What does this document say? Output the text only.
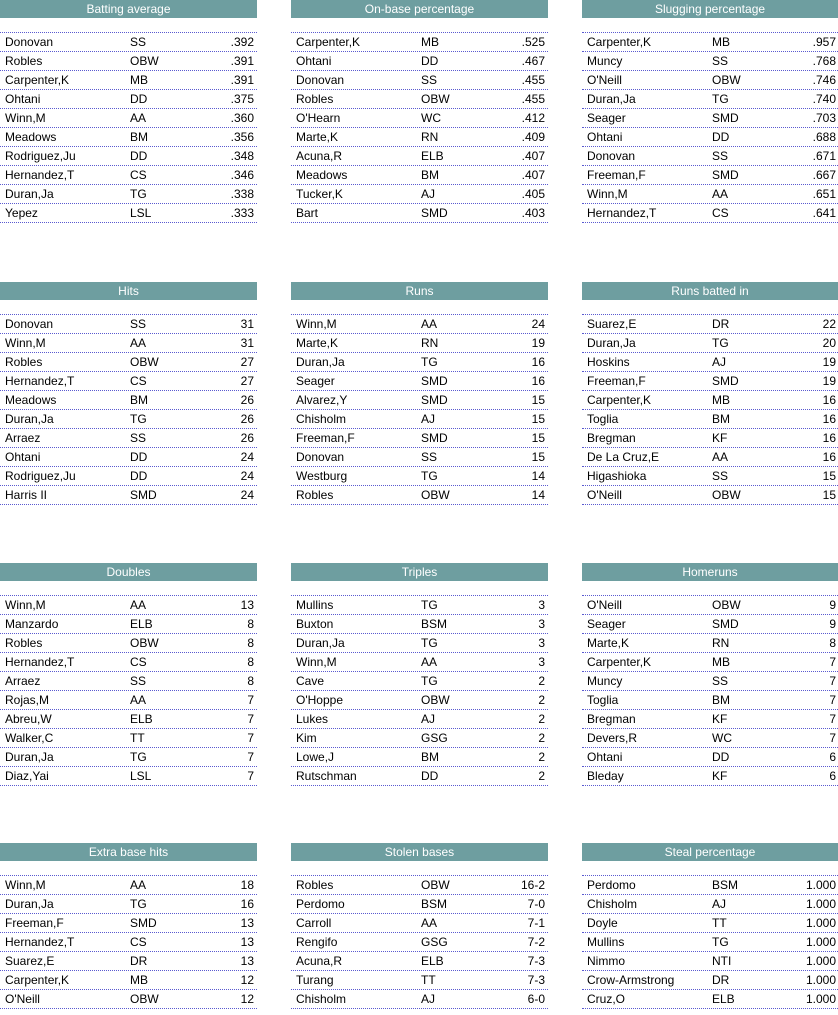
Batting average
Donovan	SS	.392
Robles	OBW	.391
Carpenter,K	MB	.391
Ohtani	DD	.375
Winn,M	AA	.360
Meadows	BM	.356
Rodriguez,Ju	DD	.348
Hernandez,T	CS	.346
Duran,Ja	TG	.338
Yepez	LSL	.333
On-base percentage
Carpenter,K	MB	.525
Ohtani	DD	.467
Donovan	SS	.455
Robles	OBW	.455
O'Hearn	WC	.412
Marte,K	RN	.409
Acuna,R	ELB	.407
Meadows	BM	.407
Tucker,K	AJ	.405
Bart	SMD	.403
Slugging percentage
Carpenter,K	MB	.957
Muncy	SS	.768
O'Neill	OBW	.746
Duran,Ja	TG	.740
Seager	SMD	.703
Ohtani	DD	.688
Donovan	SS	.671
Freeman,F	SMD	.667
Winn,M	AA	.651
Hernandez,T	CS	.641
Hits
Donovan	SS	31
Winn,M	AA	31
Robles	OBW	27
Hernandez,T	CS	27
Meadows	BM	26
Duran,Ja	TG	26
Arraez	SS	26
Ohtani	DD	24
Rodriguez,Ju	DD	24
Harris II	SMD	24
Runs
Winn,M	AA	24
Marte,K	RN	19
Duran,Ja	TG	16
Seager	SMD	16
Alvarez,Y	SMD	15
Chisholm	AJ	15
Freeman,F	SMD	15
Donovan	SS	15
Westburg	TG	14
Robles	OBW	14
Runs batted in
Suarez,E	DR	22
Duran,Ja	TG	20
Hoskins	AJ	19
Freeman,F	SMD	19
Carpenter,K	MB	16
Toglia	BM	16
Bregman	KF	16
De La Cruz,E	AA	16
Higashioka	SS	15
O'Neill	OBW	15
Doubles
Winn,M	AA	13
Manzardo	ELB	8
Robles	OBW	8
Hernandez,T	CS	8
Arraez	SS	8
Rojas,M	AA	7
Abreu,W	ELB	7
Walker,C	TT	7
Duran,Ja	TG	7
Diaz,Yai	LSL	7
Triples
Mullins	TG	3
Buxton	BSM	3
Duran,Ja	TG	3
Winn,M	AA	3
Cave	TG	2
O'Hoppe	OBW	2
Lukes	AJ	2
Kim	GSG	2
Lowe,J	BM	2
Rutschman	DD	2
Homeruns
O'Neill	OBW	9
Seager	SMD	9
Marte,K	RN	8
Carpenter,K	MB	7
Muncy	SS	7
Toglia	BM	7
Bregman	KF	7
Devers,R	WC	7
Ohtani	DD	6
Bleday	KF	6
Extra base hits
Winn,M	AA	18
Duran,Ja	TG	16
Freeman,F	SMD	13
Hernandez,T	CS	13
Suarez,E	DR	13
Carpenter,K	MB	12
O'Neill	OBW	12
Stolen bases
Robles	OBW	16-2
Perdomo	BSM	7-0
Carroll	AA	7-1
Rengifo	GSG	7-2
Acuna,R	ELB	7-3
Turang	TT	7-3
Chisholm	AJ	6-0
Steal percentage
Perdomo	BSM	1.000
Chisholm	AJ	1.000
Doyle	TT	1.000
Mullins	TG	1.000
Nimmo	NTI	1.000
Crow-Armstrong	DR	1.000
Cruz,O	ELB	1.000
